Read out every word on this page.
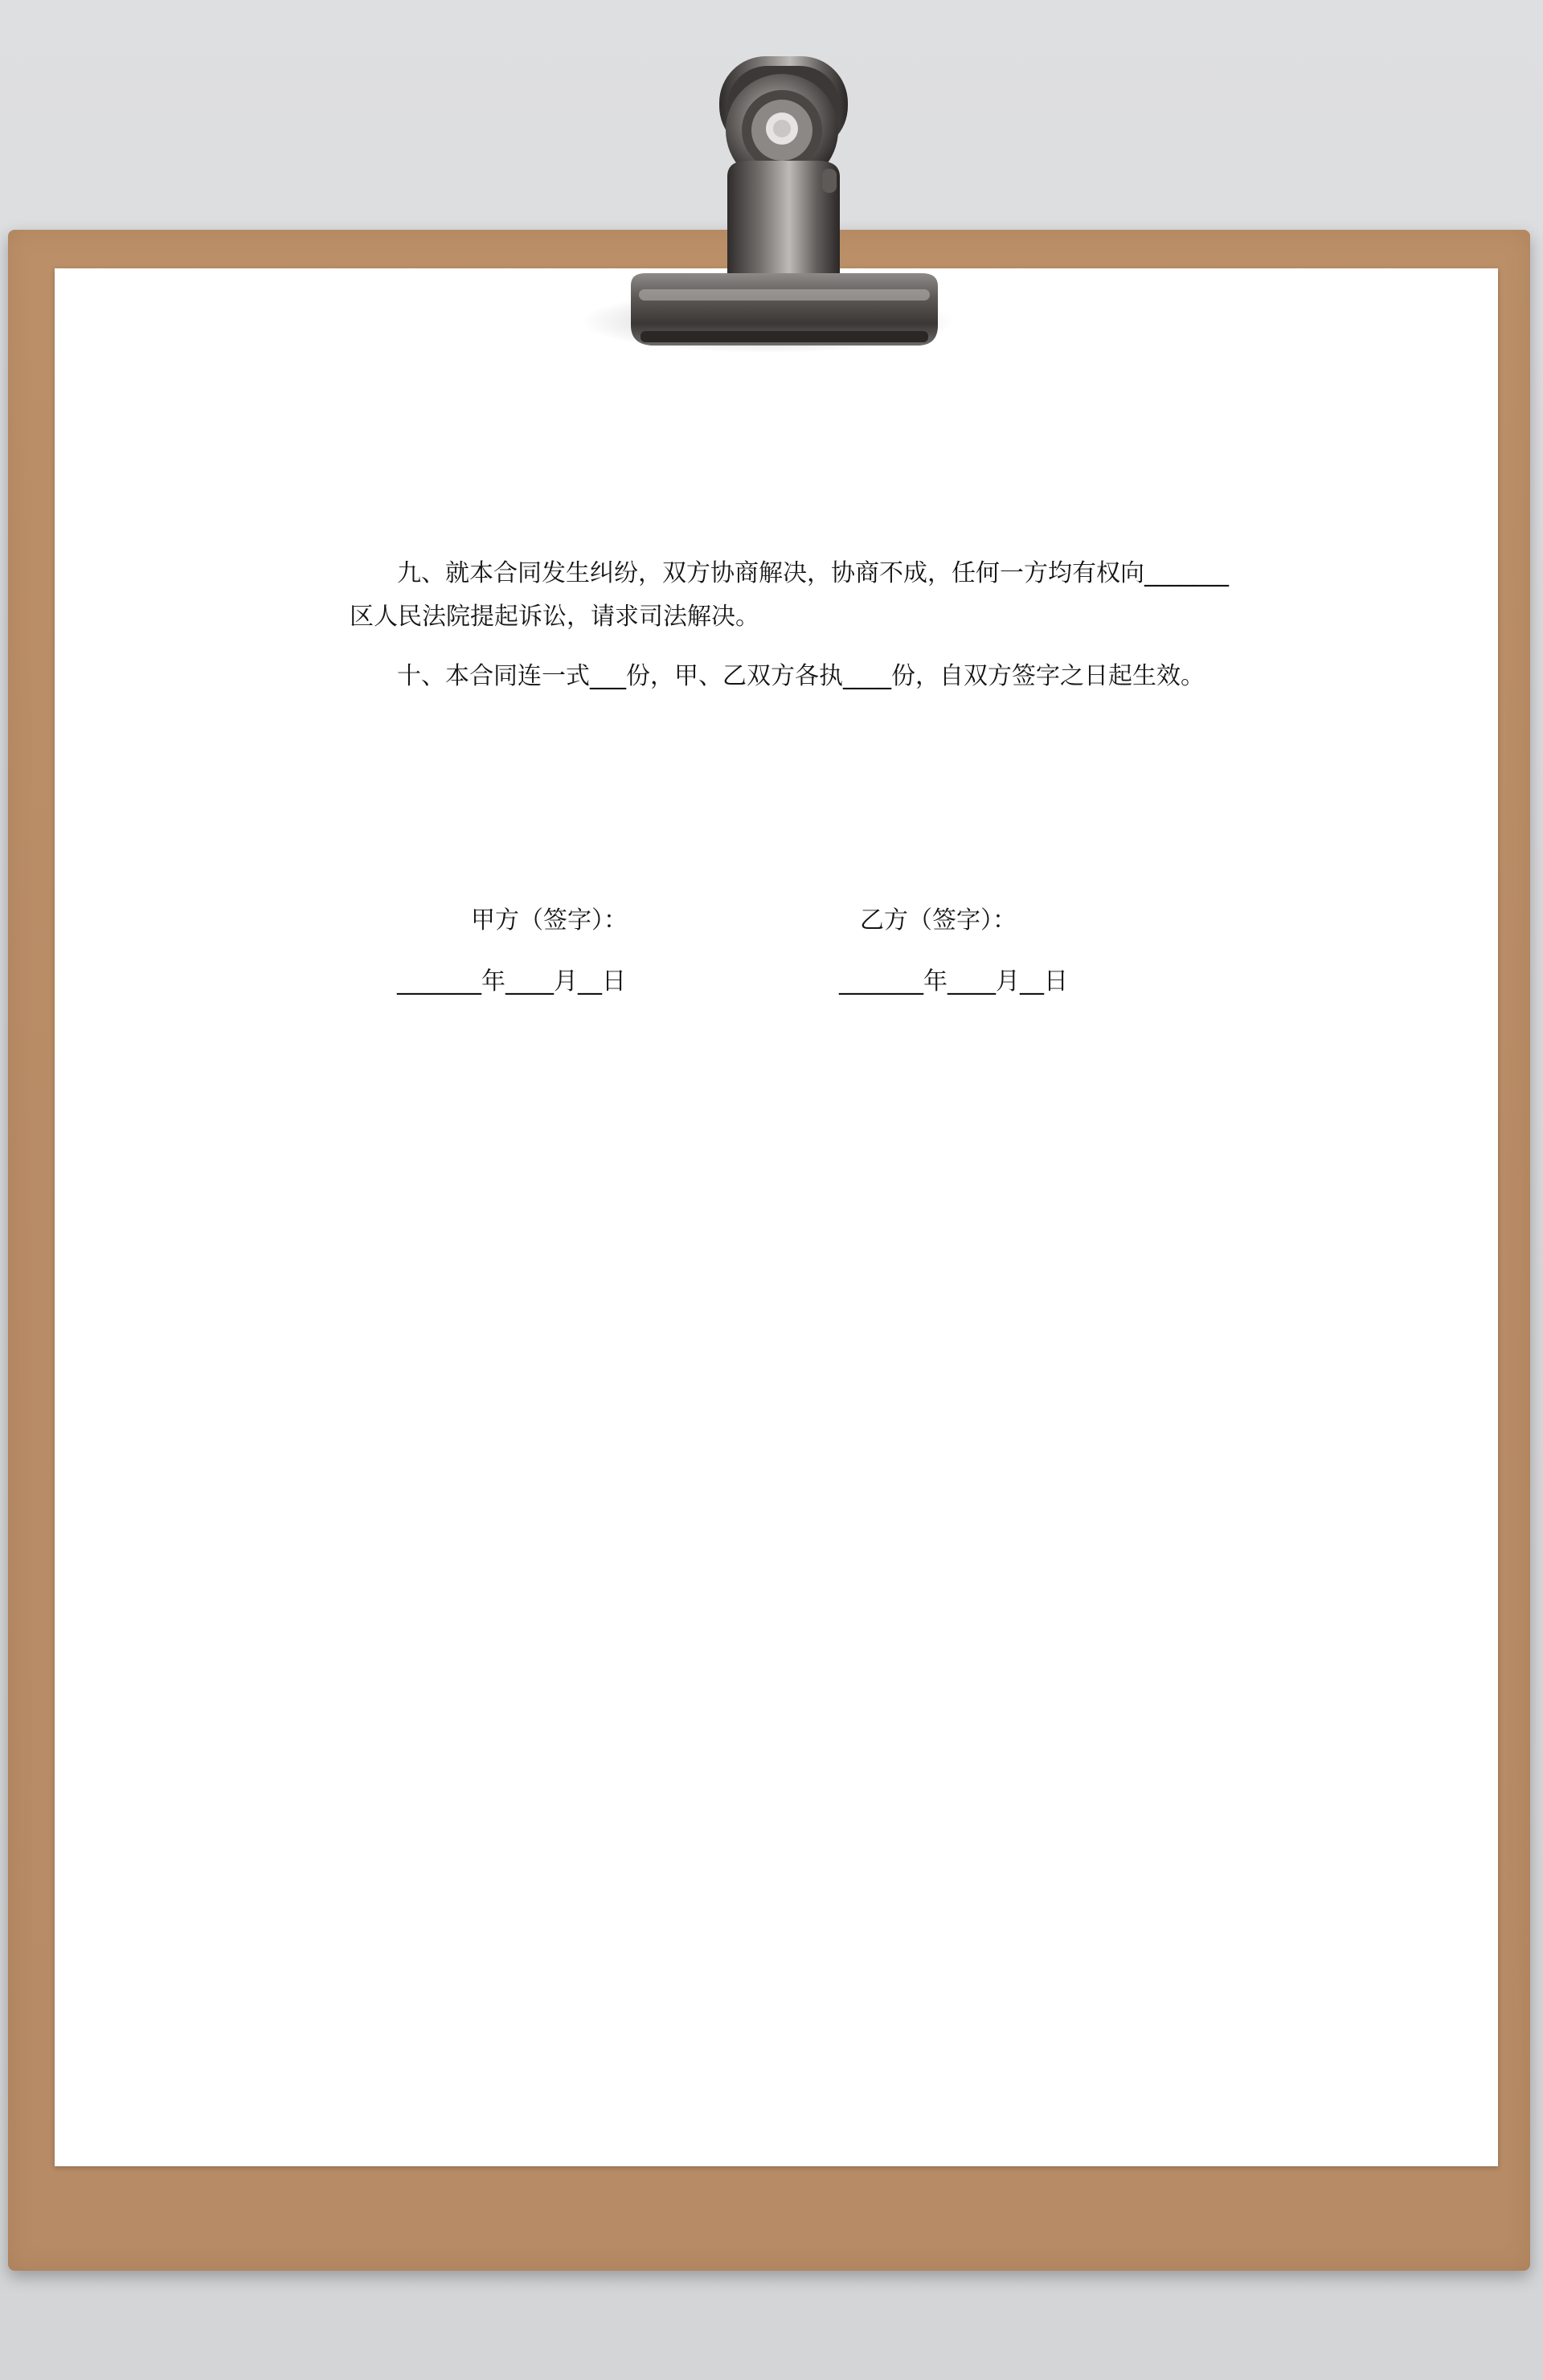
九、就本合同发生纠纷，双方协商解决，协商不成，任何一方均有权向_______

区人民法院提起诉讼，请求司法解决。

十、本合同连一式___份，甲、乙双方各执____份，自双方签字之日起生效。

甲方（签字）：	乙方（签字）：

_______年____月__日	_______年____月__日
